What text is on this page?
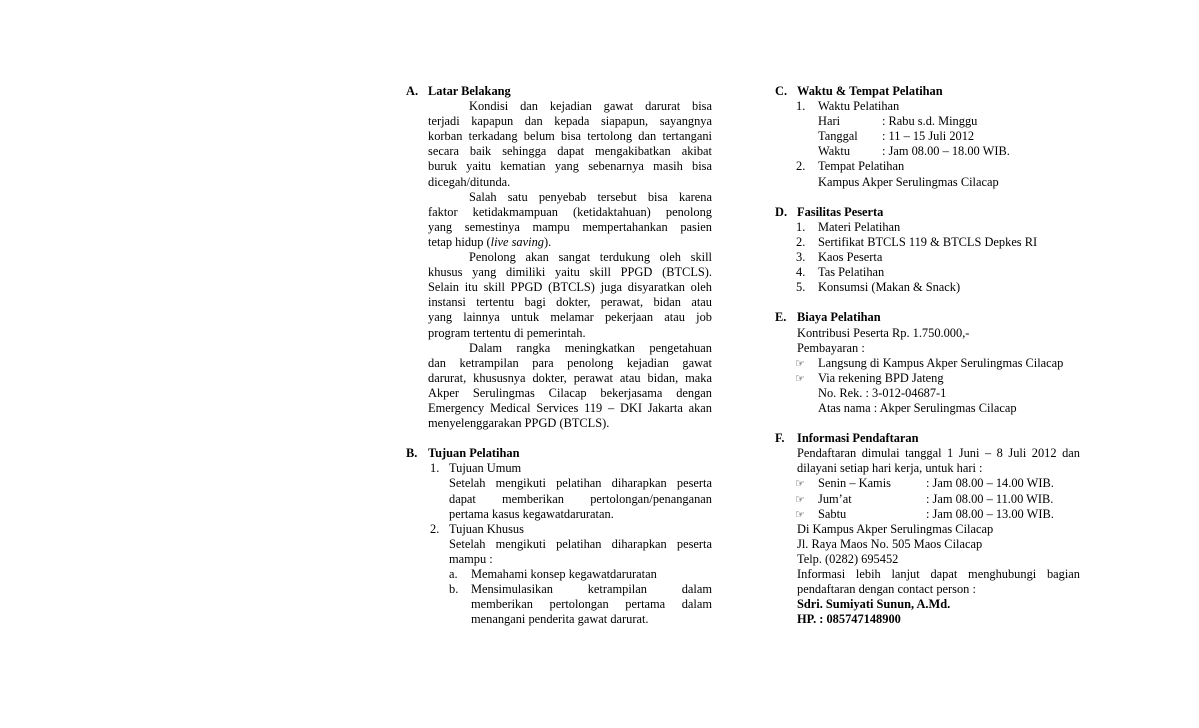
A. Latar Belakang
Kondisi dan kejadian gawat darurat bisa
terjadi kapapun dan kepada siapapun, sayangnya
korban terkadang belum bisa tertolong dan tertangani
secara baik sehingga dapat mengakibatkan akibat
buruk yaitu kematian yang sebenarnya masih bisa
dicegah/ditunda.
Salah satu penyebab tersebut bisa karena
faktor ketidakmampuan (ketidaktahuan) penolong
yang semestinya mampu mempertahankan pasien
tetap hidup (live saving).
Penolong akan sangat terdukung oleh skill
khusus yang dimiliki yaitu skill PPGD (BTCLS).
Selain itu skill PPGD (BTCLS) juga disyaratkan oleh
instansi tertentu bagi dokter, perawat, bidan atau
yang lainnya untuk melamar pekerjaan atau job
program tertentu di pemerintah.
Dalam rangka meningkatkan pengetahuan
dan ketrampilan para penolong kejadian gawat
darurat, khususnya dokter, perawat atau bidan, maka
Akper Serulingmas Cilacap bekerjasama dengan
Emergency Medical Services 119 – DKI Jakarta akan
menyelenggarakan PPGD (BTCLS).
B. Tujuan Pelatihan
1. Tujuan Umum
Setelah mengikuti pelatihan diharapkan peserta
dapat memberikan pertolongan/penanganan
pertama kasus kegawatdaruratan.
2. Tujuan Khusus
Setelah mengikuti pelatihan diharapkan peserta
mampu :
a. Memahami konsep kegawatdaruratan
b. Mensimulasikan ketrampilan dalam
memberikan pertolongan pertama dalam
menangani penderita gawat darurat.
C. Waktu & Tempat Pelatihan
1. Waktu Pelatihan
Hari	: Rabu s.d. Minggu
Tanggal : 11 – 15 Juli 2012
Waktu	: Jam 08.00 – 18.00 WIB.
2. Tempat Pelatihan
Kampus Akper Serulingmas Cilacap
D. Fasilitas Peserta
1. Materi Pelatihan
2. Sertifikat BTCLS 119 & BTCLS Depkes RI
3. Kaos Peserta
4. Tas Pelatihan
5. Konsumsi (Makan & Snack)
E. Biaya Pelatihan
Kontribusi Peserta Rp. 1.750.000,-
Pembayaran :
☞ Langsung di Kampus Akper Serulingmas Cilacap
☞ Via rekening BPD Jateng
No. Rek. : 3-012-04687-1
Atas nama : Akper Serulingmas Cilacap
F. Informasi Pendaftaran
Pendaftaran dimulai tanggal 1 Juni – 8 Juli 2012 dan
dilayani setiap hari kerja, untuk hari :
☞ Senin – Kamis	: Jam 08.00 – 14.00 WIB.
☞ Jum’at	: Jam 08.00 – 11.00 WIB.
☞ Sabtu	: Jam 08.00 – 13.00 WIB.
Di Kampus Akper Serulingmas Cilacap
Jl. Raya Maos No. 505 Maos Cilacap
Telp. (0282) 695452
Informasi lebih lanjut dapat menghubungi bagian
pendaftaran dengan contact person :
Sdri. Sumiyati Sunun, A.Md.
HP. : 085747148900
